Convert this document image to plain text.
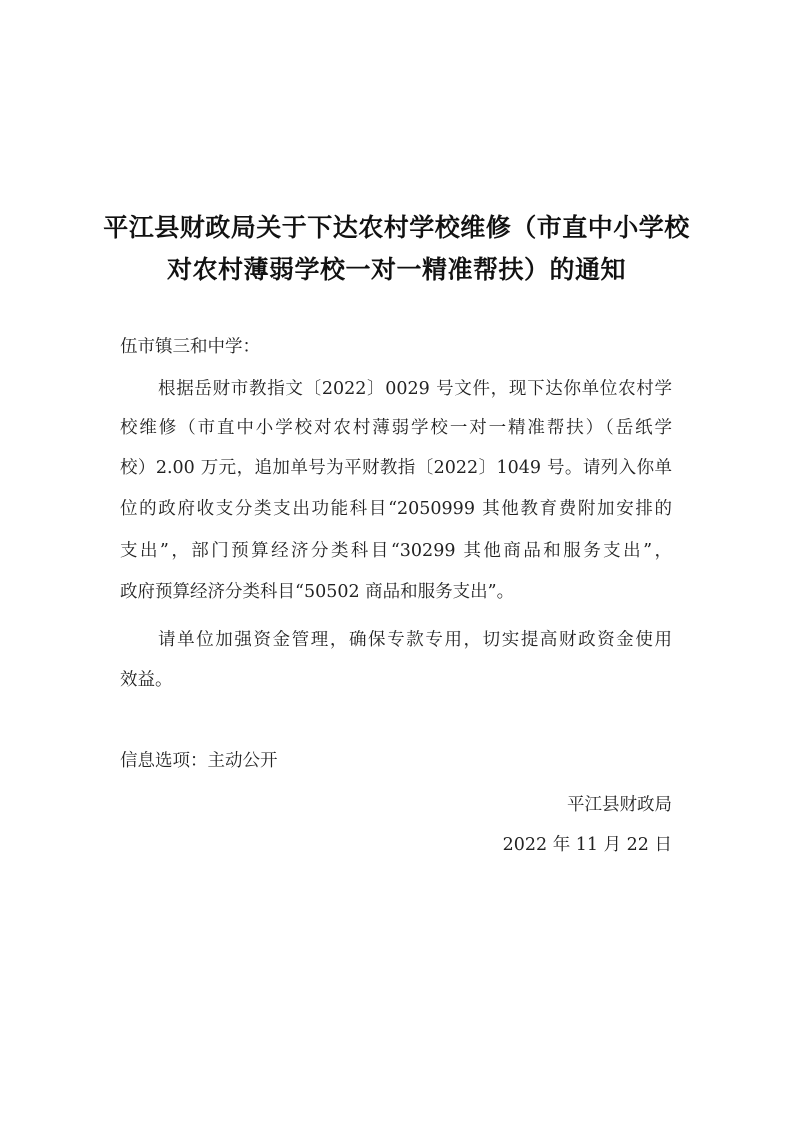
平江县财政局关于下达农村学校维修（市直中小学校
对农村薄弱学校一对一精准帮扶）的通知
伍市镇三和中学：
根据岳财市教指文〔2022〕0029 号文件，现下达你单位农村学
校维修（市直中小学校对农村薄弱学校一对一精准帮扶）（岳纸学
校）2.00 万元，追加单号为平财教指〔2022〕1049 号。请列入你单
位的政府收支分类支出功能科目“2050999 其他教育费附加安排的
支出”，部门预算经济分类科目“30299 其他商品和服务支出”，
政府预算经济分类科目“50502 商品和服务支出”。
请单位加强资金管理，确保专款专用，切实提高财政资金使用
效益。
信息选项：主动公开
平江县财政局
2022 年 11 月 22 日
